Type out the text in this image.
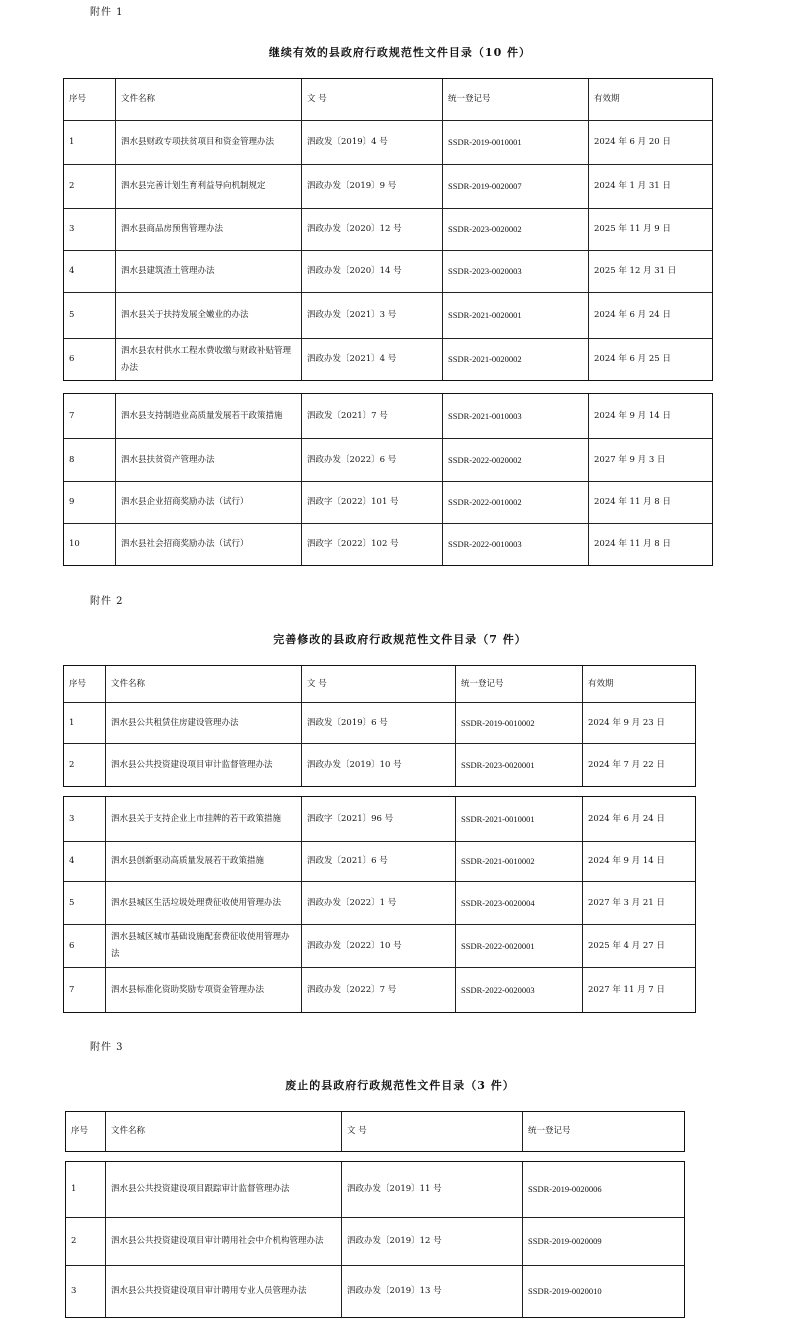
附件 1
继续有效的县政府行政规范性文件目录（10 件）
序号	文件名称	文 号	统一登记号	有效期
1	泗水县财政专项扶贫项目和资金管理办法	泗政发〔2019〕4 号	SSDR-2019-0010001	2024 年 6 月 20 日
2	泗水县完善计划生育利益导向机制规定	泗政办发〔2019〕9 号	SSDR-2019-0020007	2024 年 1 月 31 日
3	泗水县商品房预售管理办法	泗政办发〔2020〕12 号	SSDR-2023-0020002	2025 年 11 月 9 日
4	泗水县建筑渣土管理办法	泗政办发〔2020〕14 号	SSDR-2023-0020003	2025 年 12 月 31 日
5	泗水县关于扶持发展全嫩业的办法	泗政办发〔2021〕3 号	SSDR-2021-0020001	2024 年 6 月 24 日
6	泗水县农村供水工程水费收缴与财政补贴管理办法	泗政办发〔2021〕4 号	SSDR-2021-0020002	2024 年 6 月 25 日
7	泗水县支持制造业高质量发展若干政策措施	泗政发〔2021〕7 号	SSDR-2021-0010003	2024 年 9 月 14 日
8	泗水县扶贫资产管理办法	泗政办发〔2022〕6 号	SSDR-2022-0020002	2027 年 9 月 3 日
9	泗水县企业招商奖励办法（试行）	泗政字〔2022〕101 号	SSDR-2022-0010002	2024 年 11 月 8 日
10	泗水县社会招商奖励办法（试行）	泗政字〔2022〕102 号	SSDR-2022-0010003	2024 年 11 月 8 日
附件 2
完善修改的县政府行政规范性文件目录（7 件）
序号	文件名称	文 号	统一登记号	有效期
1	泗水县公共租赁住房建设管理办法	泗政发〔2019〕6 号	SSDR-2019-0010002	2024 年 9 月 23 日
2	泗水县公共投资建设项目审计监督管理办法	泗政办发〔2019〕10 号	SSDR-2023-0020001	2024 年 7 月 22 日
3	泗水县关于支持企业上市挂牌的若干政策措施	泗政字〔2021〕96 号	SSDR-2021-0010001	2024 年 6 月 24 日
4	泗水县创新驱动高质量发展若干政策措施	泗政发〔2021〕6 号	SSDR-2021-0010002	2024 年 9 月 14 日
5	泗水县城区生活垃圾处理费征收使用管理办法	泗政办发〔2022〕1 号	SSDR-2023-0020004	2027 年 3 月 21 日
6	泗水县城区城市基础设施配套费征收使用管理办法	泗政办发〔2022〕10 号	SSDR-2022-0020001	2025 年 4 月 27 日
7	泗水县标准化资助奖励专项资金管理办法	泗政办发〔2022〕7 号	SSDR-2022-0020003	2027 年 11 月 7 日
附件 3
废止的县政府行政规范性文件目录（3 件）
序号	文件名称	文 号	统一登记号
1	泗水县公共投资建设项目跟踪审计监督管理办法	泗政办发〔2019〕11 号	SSDR-2019-0020006
2	泗水县公共投资建设项目审计聘用社会中介机构管理办法	泗政办发〔2019〕12 号	SSDR-2019-0020009
3	泗水县公共投资建设项目审计聘用专业人员管理办法	泗政办发〔2019〕13 号	SSDR-2019-0020010
